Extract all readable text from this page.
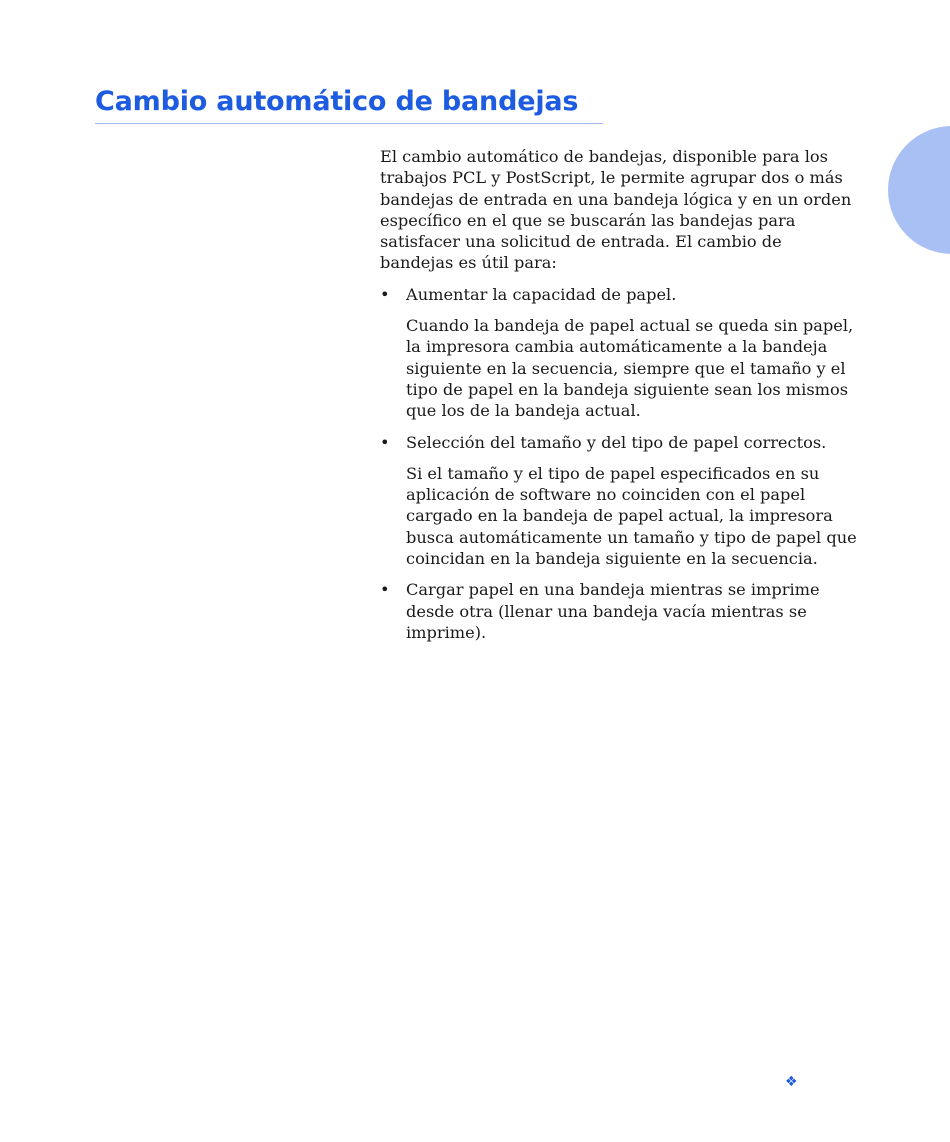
Cambio automático de bandejas

El cambio automático de bandejas, disponible para los trabajos PCL y PostScript, le permite agrupar dos o más bandejas de entrada en una bandeja lógica y en un orden específico en el que se buscarán las bandejas para satisfacer una solicitud de entrada. El cambio de bandejas es útil para:

• Aumentar la capacidad de papel.

Cuando la bandeja de papel actual se queda sin papel, la impresora cambia automáticamente a la bandeja siguiente en la secuencia, siempre que el tamaño y el tipo de papel en la bandeja siguiente sean los mismos que los de la bandeja actual.

• Selección del tamaño y del tipo de papel correctos.

Si el tamaño y el tipo de papel especificados en su aplicación de software no coinciden con el papel cargado en la bandeja de papel actual, la impresora busca automáticamente un tamaño y tipo de papel que coincidan en la bandeja siguiente en la secuencia.

• Cargar papel en una bandeja mientras se imprime desde otra (llenar una bandeja vacía mientras se imprime).

❖
